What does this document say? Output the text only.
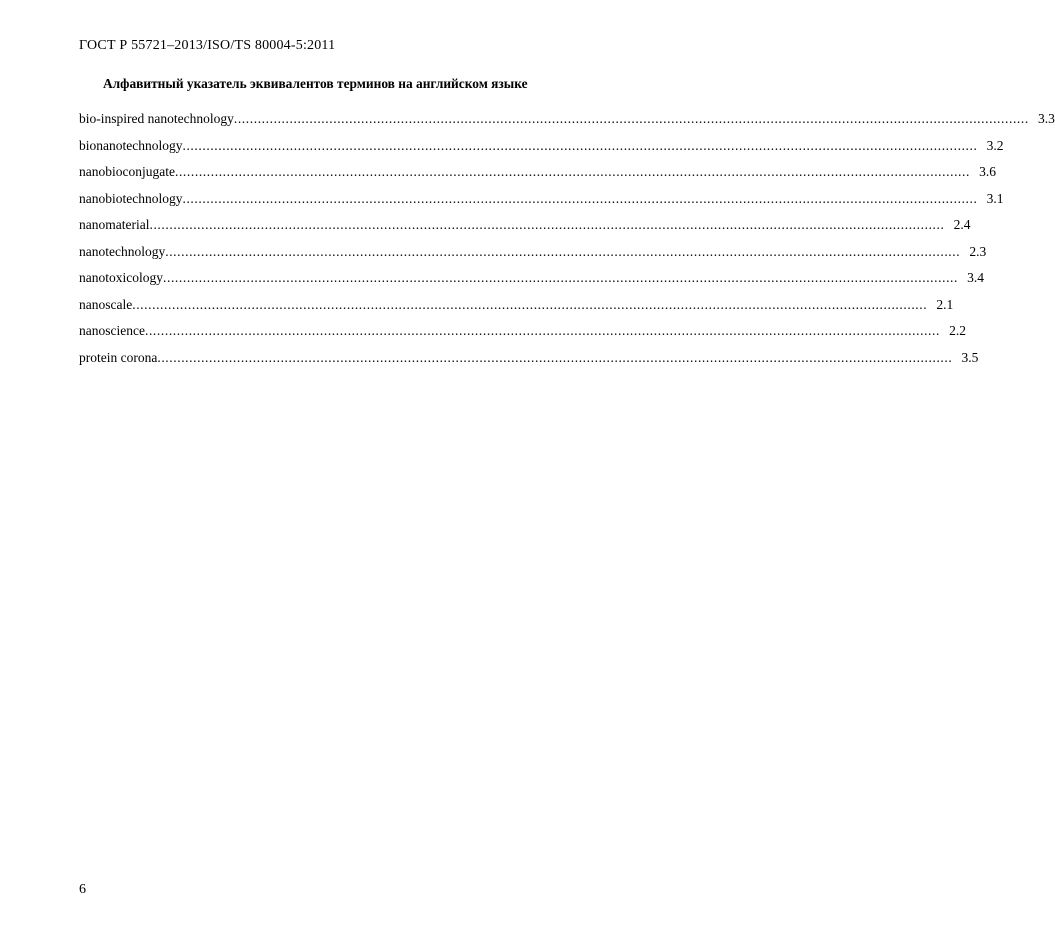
ГОСТ Р 55721–2013/ISO/TS 80004-5:2011
Алфавитный указатель эквивалентов терминов на английском языке
bio-inspired nanotechnology ........................................................................................................................................................................................................ 3.3
bionanotechnology ........................................................................................................................................................................................................ 3.2
nanobioconjugate ........................................................................................................................................................................................................ 3.6
nanobiotechnology ........................................................................................................................................................................................................ 3.1
nanomaterial ........................................................................................................................................................................................................ 2.4
nanotechnology ........................................................................................................................................................................................................ 2.3
nanotoxicology ........................................................................................................................................................................................................ 3.4
nanoscale ........................................................................................................................................................................................................ 2.1
nanoscience ........................................................................................................................................................................................................ 2.2
protein corona ........................................................................................................................................................................................................ 3.5
6
